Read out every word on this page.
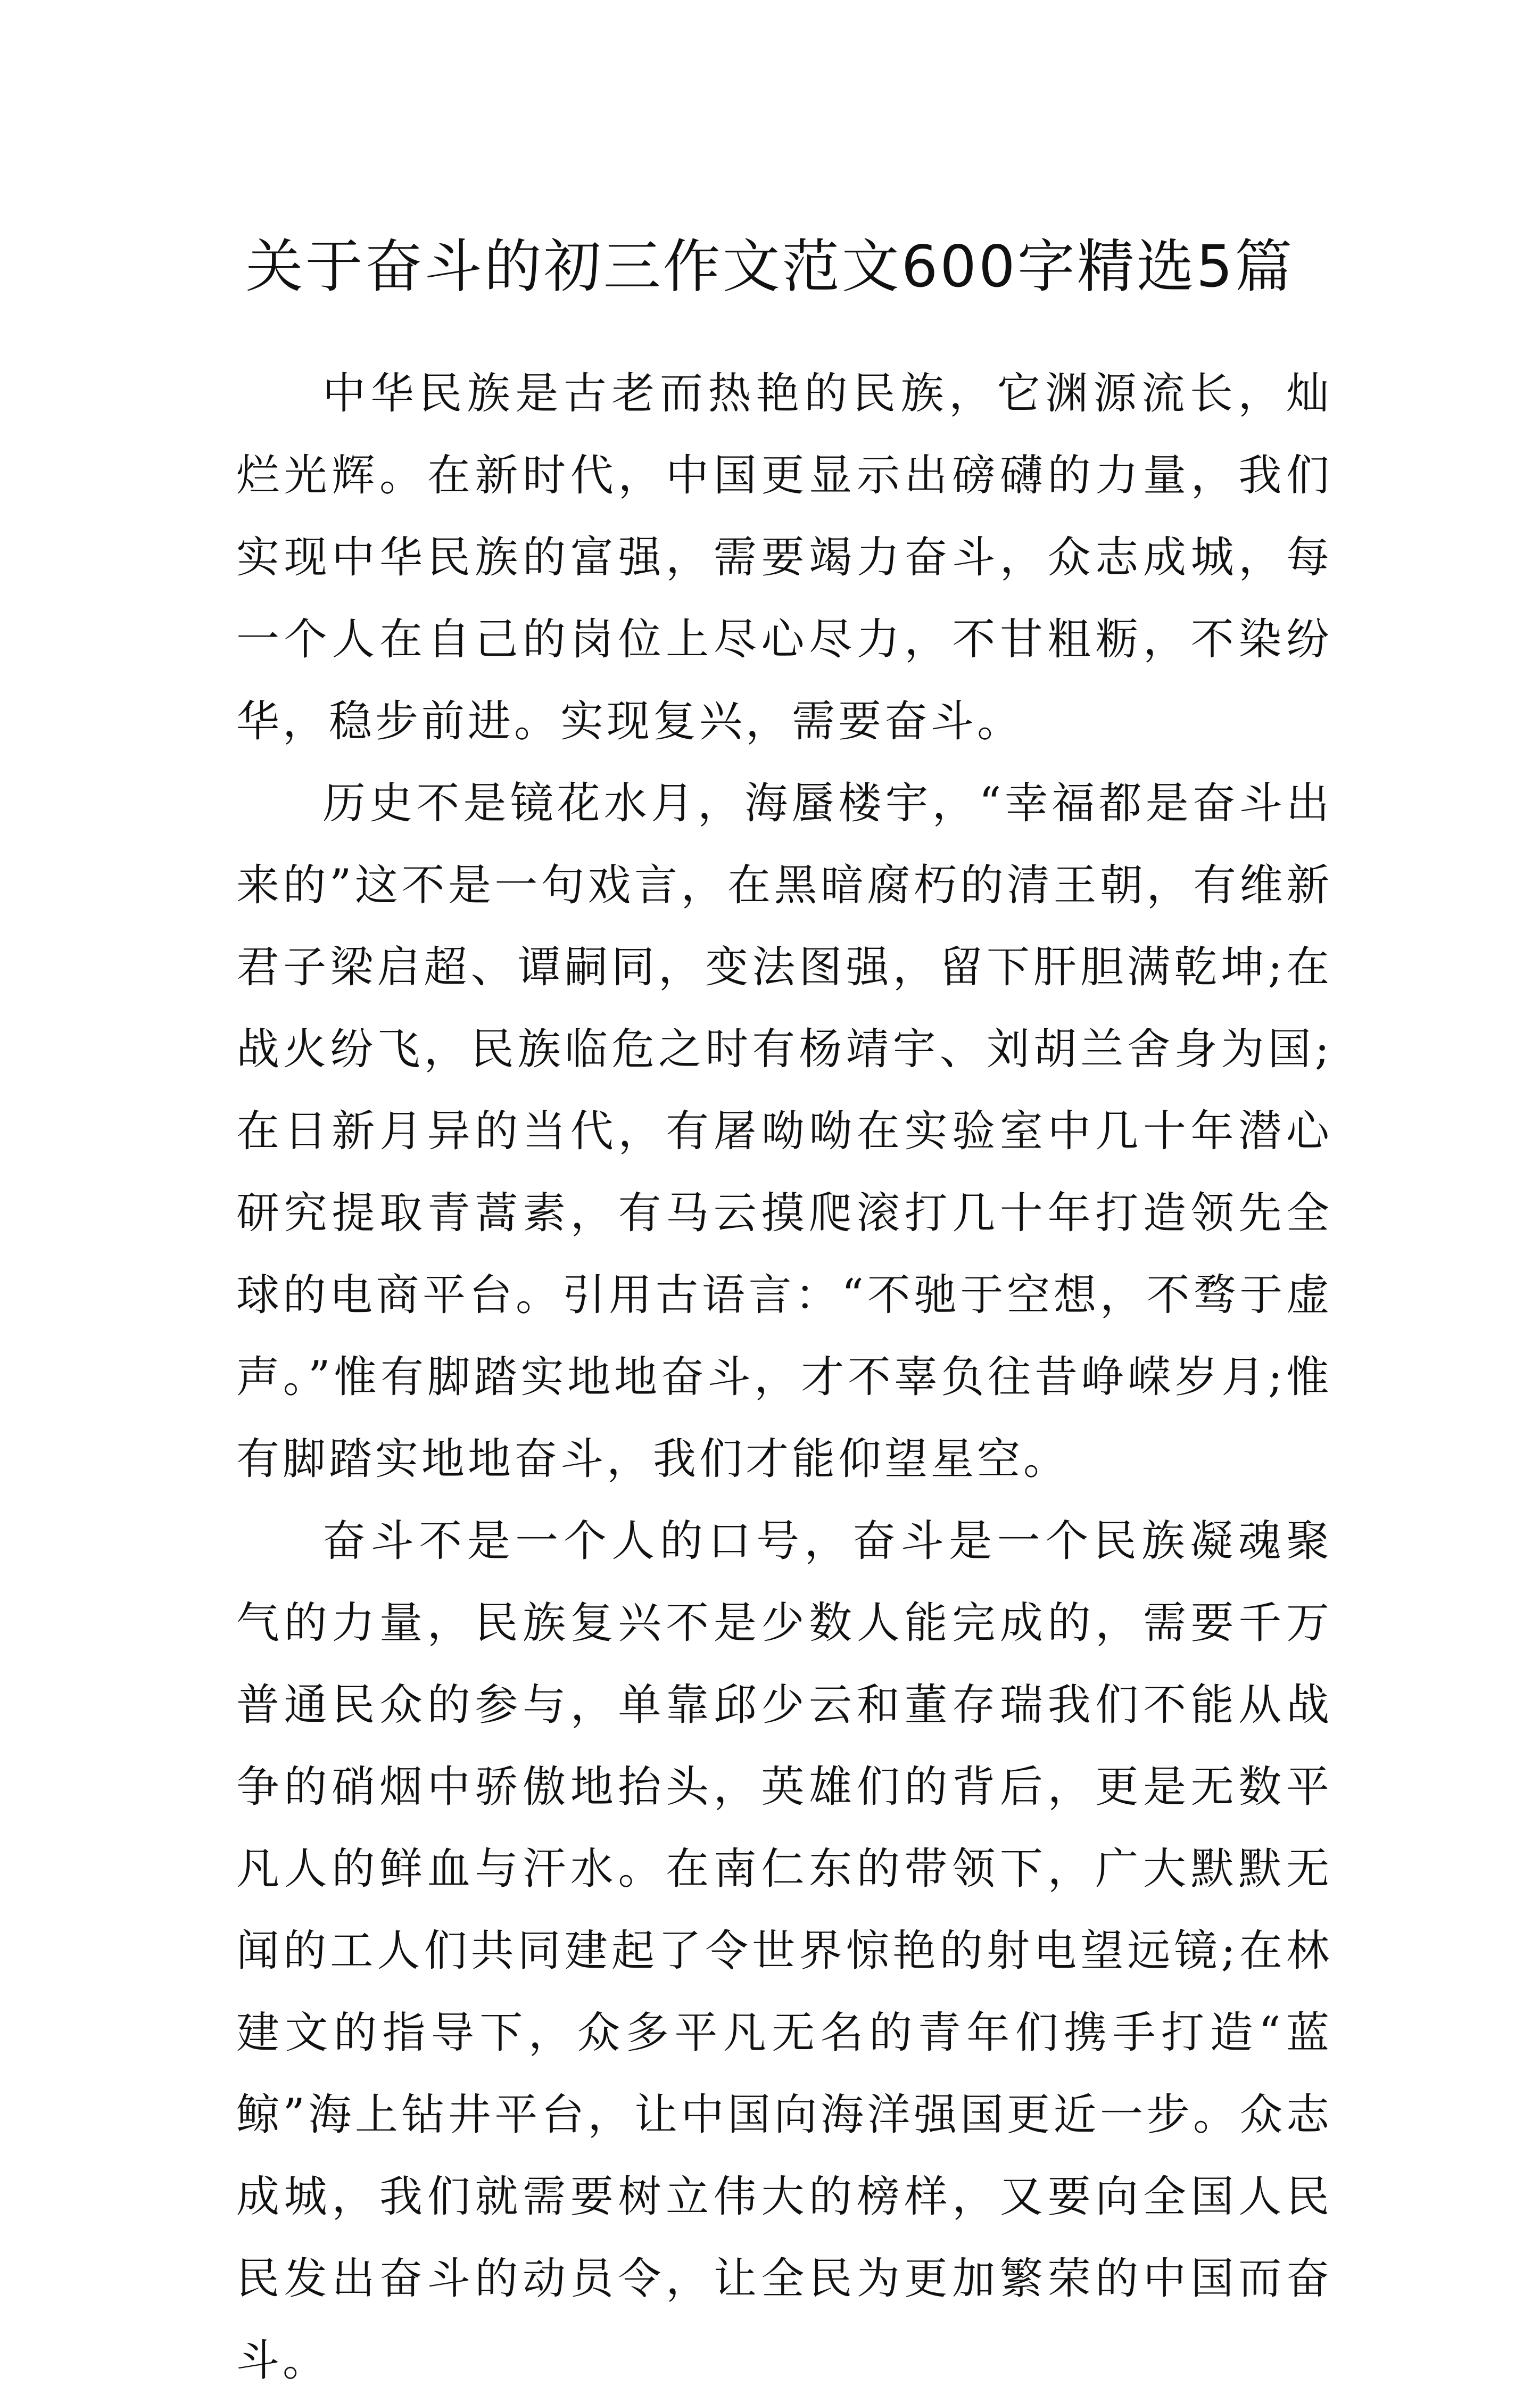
关于奋斗的初三作文范文600字精选5篇

中华民族是古老而热艳的民族，它渊源流长，灿烂光辉。在新时代，中国更显示出磅礴的力量，我们实现中华民族的富强，需要竭力奋斗，众志成城，每一个人在自己的岗位上尽心尽力，不甘粗粝，不染纷华，稳步前进。实现复兴，需要奋斗。

历史不是镜花水月，海蜃楼宇，“幸福都是奋斗出来的”这不是一句戏言，在黑暗腐朽的清王朝，有维新君子梁启超、谭嗣同，变法图强，留下肝胆满乾坤;在战火纷飞，民族临危之时有杨靖宇、刘胡兰舍身为国;在日新月异的当代，有屠呦呦在实验室中几十年潜心研究提取青蒿素，有马云摸爬滚打几十年打造领先全球的电商平台。引用古语言：“不驰于空想，不骛于虚声。”惟有脚踏实地地奋斗，才不辜负往昔峥嵘岁月;惟有脚踏实地地奋斗，我们才能仰望星空。

奋斗不是一个人的口号，奋斗是一个民族凝魂聚气的力量，民族复兴不是少数人能完成的，需要千万普通民众的参与，单靠邱少云和董存瑞我们不能从战争的硝烟中骄傲地抬头，英雄们的背后，更是无数平凡人的鲜血与汗水。在南仁东的带领下，广大默默无闻的工人们共同建起了令世界惊艳的射电望远镜;在林建文的指导下，众多平凡无名的青年们携手打造“蓝鲸”海上钻井平台，让中国向海洋强国更近一步。众志成城，我们就需要树立伟大的榜样，又要向全国人民民发出奋斗的动员令，让全民为更加繁荣的中国而奋斗。
